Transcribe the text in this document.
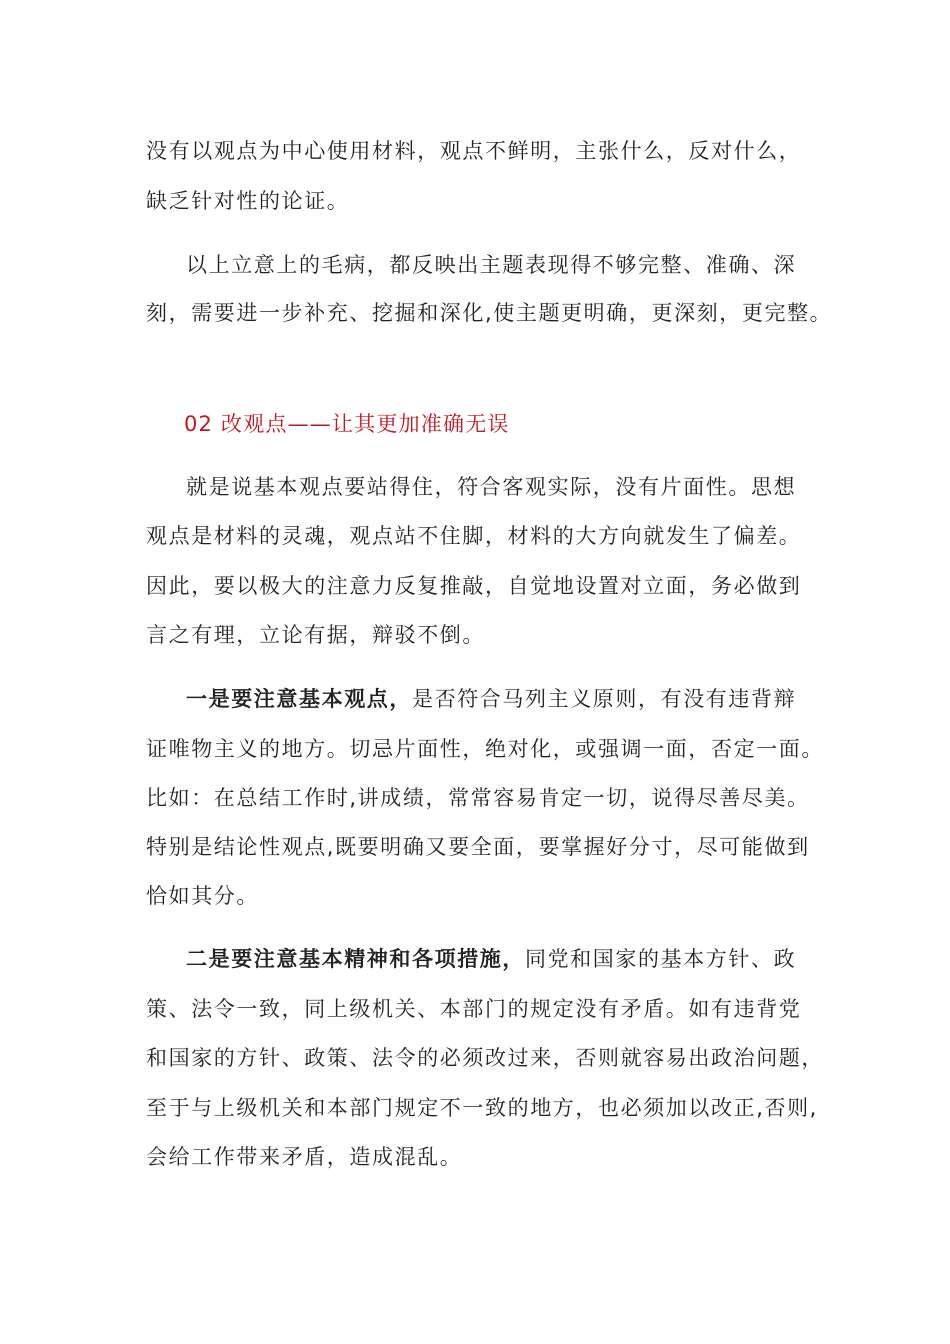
没有以观点为中心使用材料，观点不鲜明，主张什么，反对什么，
缺乏针对性的论证。
以上立意上的毛病，都反映出主题表现得不够完整、准确、深
刻，需要进一步补充、挖掘和深化,使主题更明确，更深刻，更完整。
02 改观点——让其更加准确无误
就是说基本观点要站得住，符合客观实际，没有片面性。思想
观点是材料的灵魂，观点站不住脚，材料的大方向就发生了偏差。
因此，要以极大的注意力反复推敲，自觉地设置对立面，务必做到
言之有理，立论有据，辩驳不倒。
一是要注意基本观点，是否符合马列主义原则，有没有违背辩
证唯物主义的地方。切忌片面性，绝对化，或强调一面，否定一面。
比如：在总结工作时,讲成绩，常常容易肯定一切，说得尽善尽美。
特别是结论性观点,既要明确又要全面，要掌握好分寸，尽可能做到
恰如其分。
二是要注意基本精神和各项措施，同党和国家的基本方针、政
策、法令一致，同上级机关、本部门的规定没有矛盾。如有违背党
和国家的方针、政策、法令的必须改过来，否则就容易出政治问题，
至于与上级机关和本部门规定不一致的地方，也必须加以改正,否则,
会给工作带来矛盾，造成混乱。
